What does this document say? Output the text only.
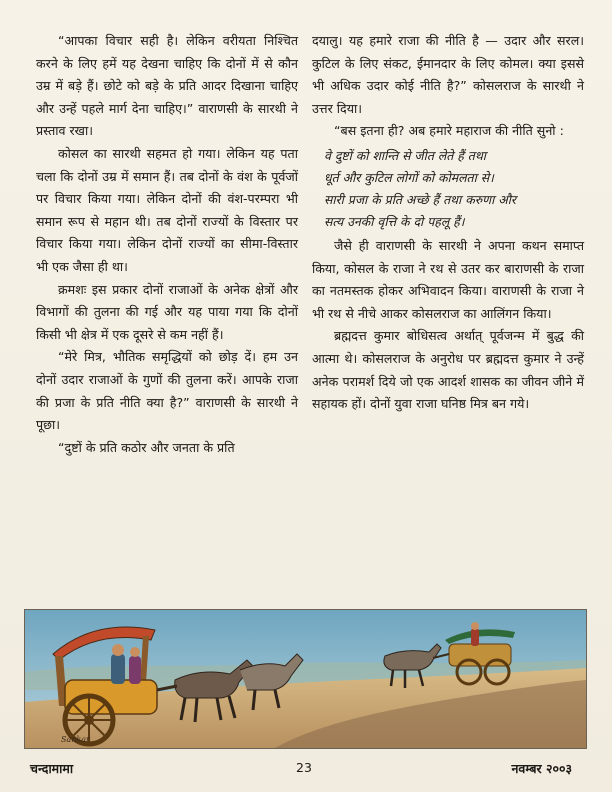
“आपका विचार सही है। लेकिन वरीयता निश्चित करने के लिए हमें यह देखना चाहिए कि दोनों में से कौन उम्र में बड़े हैं। छोटे को बड़े के प्रति आदर दिखाना चाहिए और उन्हें पहले मार्ग देना चाहिए।” वाराणसी के सारथी ने प्रस्ताव रखा।

कोसल का सारथी सहमत हो गया। लेकिन यह पता चला कि दोनों उम्र में समान हैं। तब दोनों के वंश के पूर्वजों पर विचार किया गया। लेकिन दोनों की वंश-परम्परा भी समान रूप से महान थी। तब दोनों राज्यों के विस्तार पर विचार किया गया। लेकिन दोनों राज्यों का सीमा-विस्तार भी एक जैसा ही था।

क्रमशः इस प्रकार दोनों राजाओं के अनेक क्षेत्रों और विभागों की तुलना की गई और यह पाया गया कि दोनों किसी भी क्षेत्र में एक दूसरे से कम नहीं हैं।

“मेरे मित्र, भौतिक समृद्धियों को छोड़ दें। हम उन दोनों उदार राजाओं के गुणों की तुलना करें। आपके राजा की प्रजा के प्रति नीति क्या है?” वाराणसी के सारथी ने पूछा।

“दुष्टों के प्रति कठोर और जनता के प्रति

दयालु। यह हमारे राजा की नीति है — उदार और सरल। कुटिल के लिए संकट, ईमानदार के लिए कोमल। क्या इससे भी अधिक उदार कोई नीति है?” कोसलराज के सारथी ने उत्तर दिया।

“बस इतना ही? अब हमारे महाराज की नीति सुनो :

वे दुष्टों को शान्ति से जीत लेते हैं तथा
धूर्त और कुटिल लोगों को कोमलता से।
सारी प्रजा के प्रति अच्छे हैं तथा करुणा और
सत्य उनकी वृत्ति के दो पहलू हैं।

जैसे ही वाराणसी के सारथी ने अपना कथन समाप्त किया, कोसल के राजा ने रथ से उतर कर बाराणसी के राजा का नतमस्तक होकर अभिवादन किया। वाराणसी के राजा ने भी रथ से नीचे आकर कोसलराज का आलिंगन किया।

ब्रह्मदत्त कुमार बोधिसत्व अर्थात् पूर्वजन्म में बुद्ध की आत्मा थे। कोसलराज के अनुरोध पर ब्रह्मदत्त कुमार ने उन्हें अनेक परामर्श दिये जो एक आदर्श शासक का जीवन जीने में सहायक हों। दोनों युवा राजा घनिष्ठ मित्र बन गये।

Sankar
चन्दामामा	23	नवम्बर २००३
